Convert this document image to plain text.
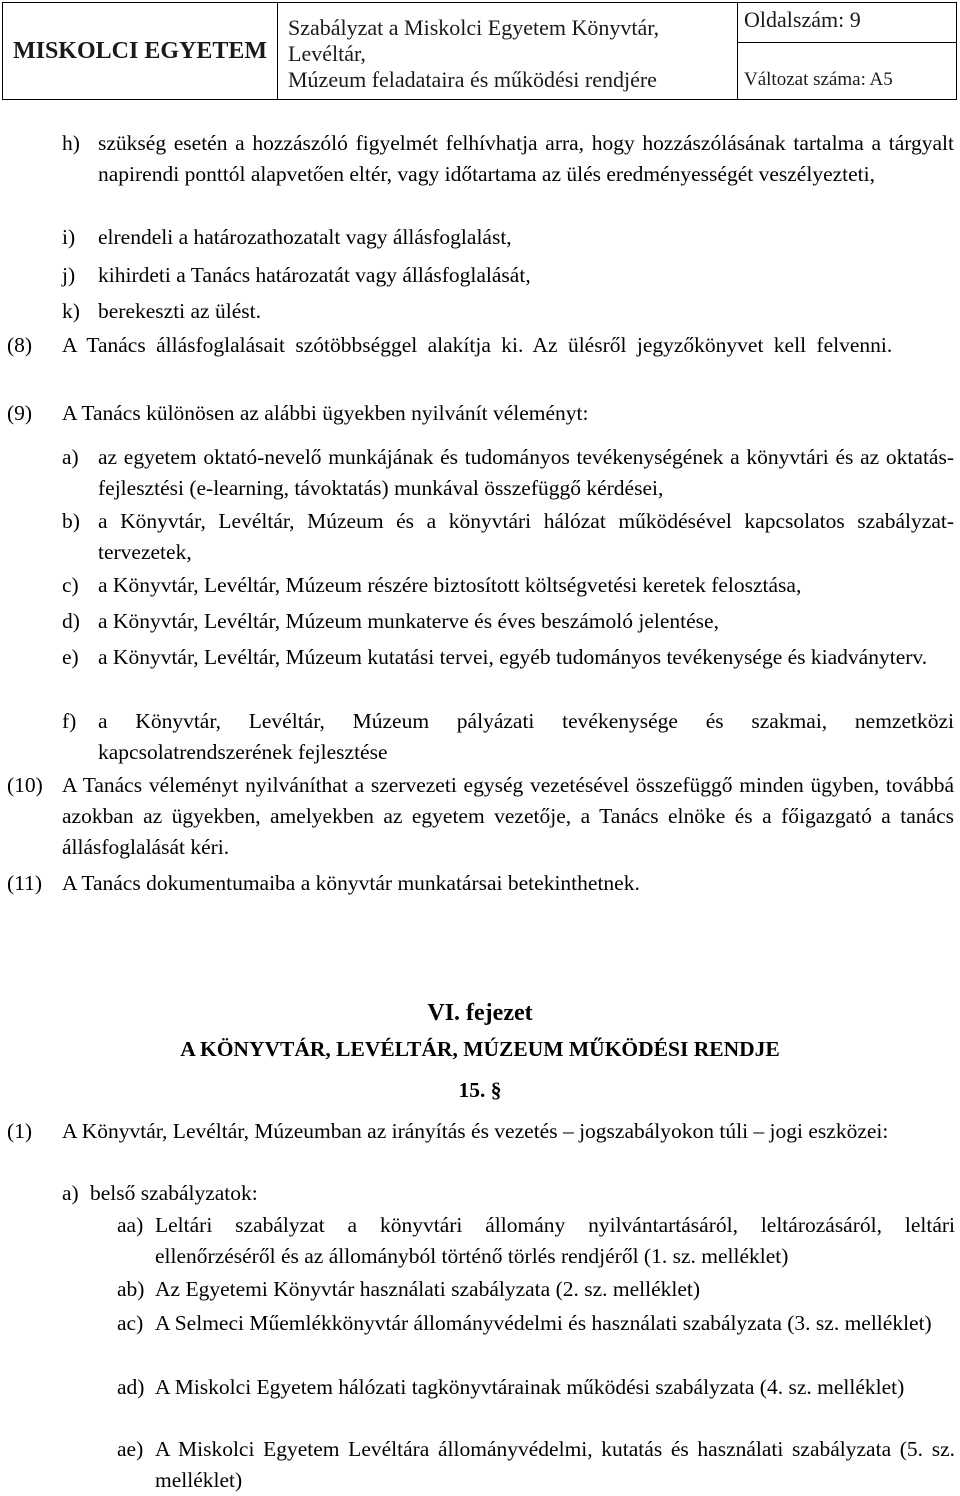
MISKOLCI EGYETEM
Szabályzat a Miskolci Egyetem Könyvtár, Levéltár,
Múzeum feladataira és működési rendjére
Oldalszám: 9
Változat száma: A5
h) szükség esetén a hozzászóló figyelmét felhívhatja arra, hogy hozzászólásának tartalma a tárgyalt napirendi ponttól alapvetően eltér, vagy időtartama az ülés eredményességét veszélyezteti,
i) elrendeli a határozathozatalt vagy állásfoglalást,
j) kihirdeti a Tanács határozatát vagy állásfoglalását,
k) berekeszti az ülést.
(8) A Tanács állásfoglalásait szótöbbséggel alakítja ki. Az ülésről jegyzőkönyvet kell felvenni.
(9) A Tanács különösen az alábbi ügyekben nyilvánít véleményt:
a) az egyetem oktató-nevelő munkájának és tudományos tevékenységének a könyvtári és az oktatás-fejlesztési (e-learning, távoktatás) munkával összefüggő kérdései,
b) a Könyvtár, Levéltár, Múzeum és a könyvtári hálózat működésével kapcsolatos szabályzat-tervezetek,
c) a Könyvtár, Levéltár, Múzeum részére biztosított költségvetési keretek felosztása,
d) a Könyvtár, Levéltár, Múzeum munkaterve és éves beszámoló jelentése,
e) a Könyvtár, Levéltár, Múzeum kutatási tervei, egyéb tudományos tevékenysége és kiadványterv.
f) a Könyvtár, Levéltár, Múzeum pályázati tevékenysége és szakmai, nemzetközi kapcsolatrendszerének fejlesztése
(10) A Tanács véleményt nyilváníthat a szervezeti egység vezetésével összefüggő minden ügyben, továbbá azokban az ügyekben, amelyekben az egyetem vezetője, a Tanács elnöke és a főigazgató a tanács állásfoglalását kéri.
(11) A Tanács dokumentumaiba a könyvtár munkatársai betekinthetnek.
VI. fejezet
A KÖNYVTÁR, LEVÉLTÁR, MÚZEUM MŰKÖDÉSI RENDJE
15. §
(1) A Könyvtár, Levéltár, Múzeumban az irányítás és vezetés – jogszabályokon túli – jogi eszközei:
a) belső szabályzatok:
aa) Leltári szabályzat a könyvtári állomány nyilvántartásáról, leltározásáról, leltári ellenőrzéséről és az állományból történő törlés rendjéről (1. sz. melléklet)
ab) Az Egyetemi Könyvtár használati szabályzata (2. sz. melléklet)
ac) A Selmeci Műemlékkönyvtár állományvédelmi és használati szabályzata (3. sz. melléklet)
ad) A Miskolci Egyetem hálózati tagkönyvtárainak működési szabályzata (4. sz. melléklet)
ae) A Miskolci Egyetem Levéltára állományvédelmi, kutatás és használati szabályzata (5. sz. melléklet)
